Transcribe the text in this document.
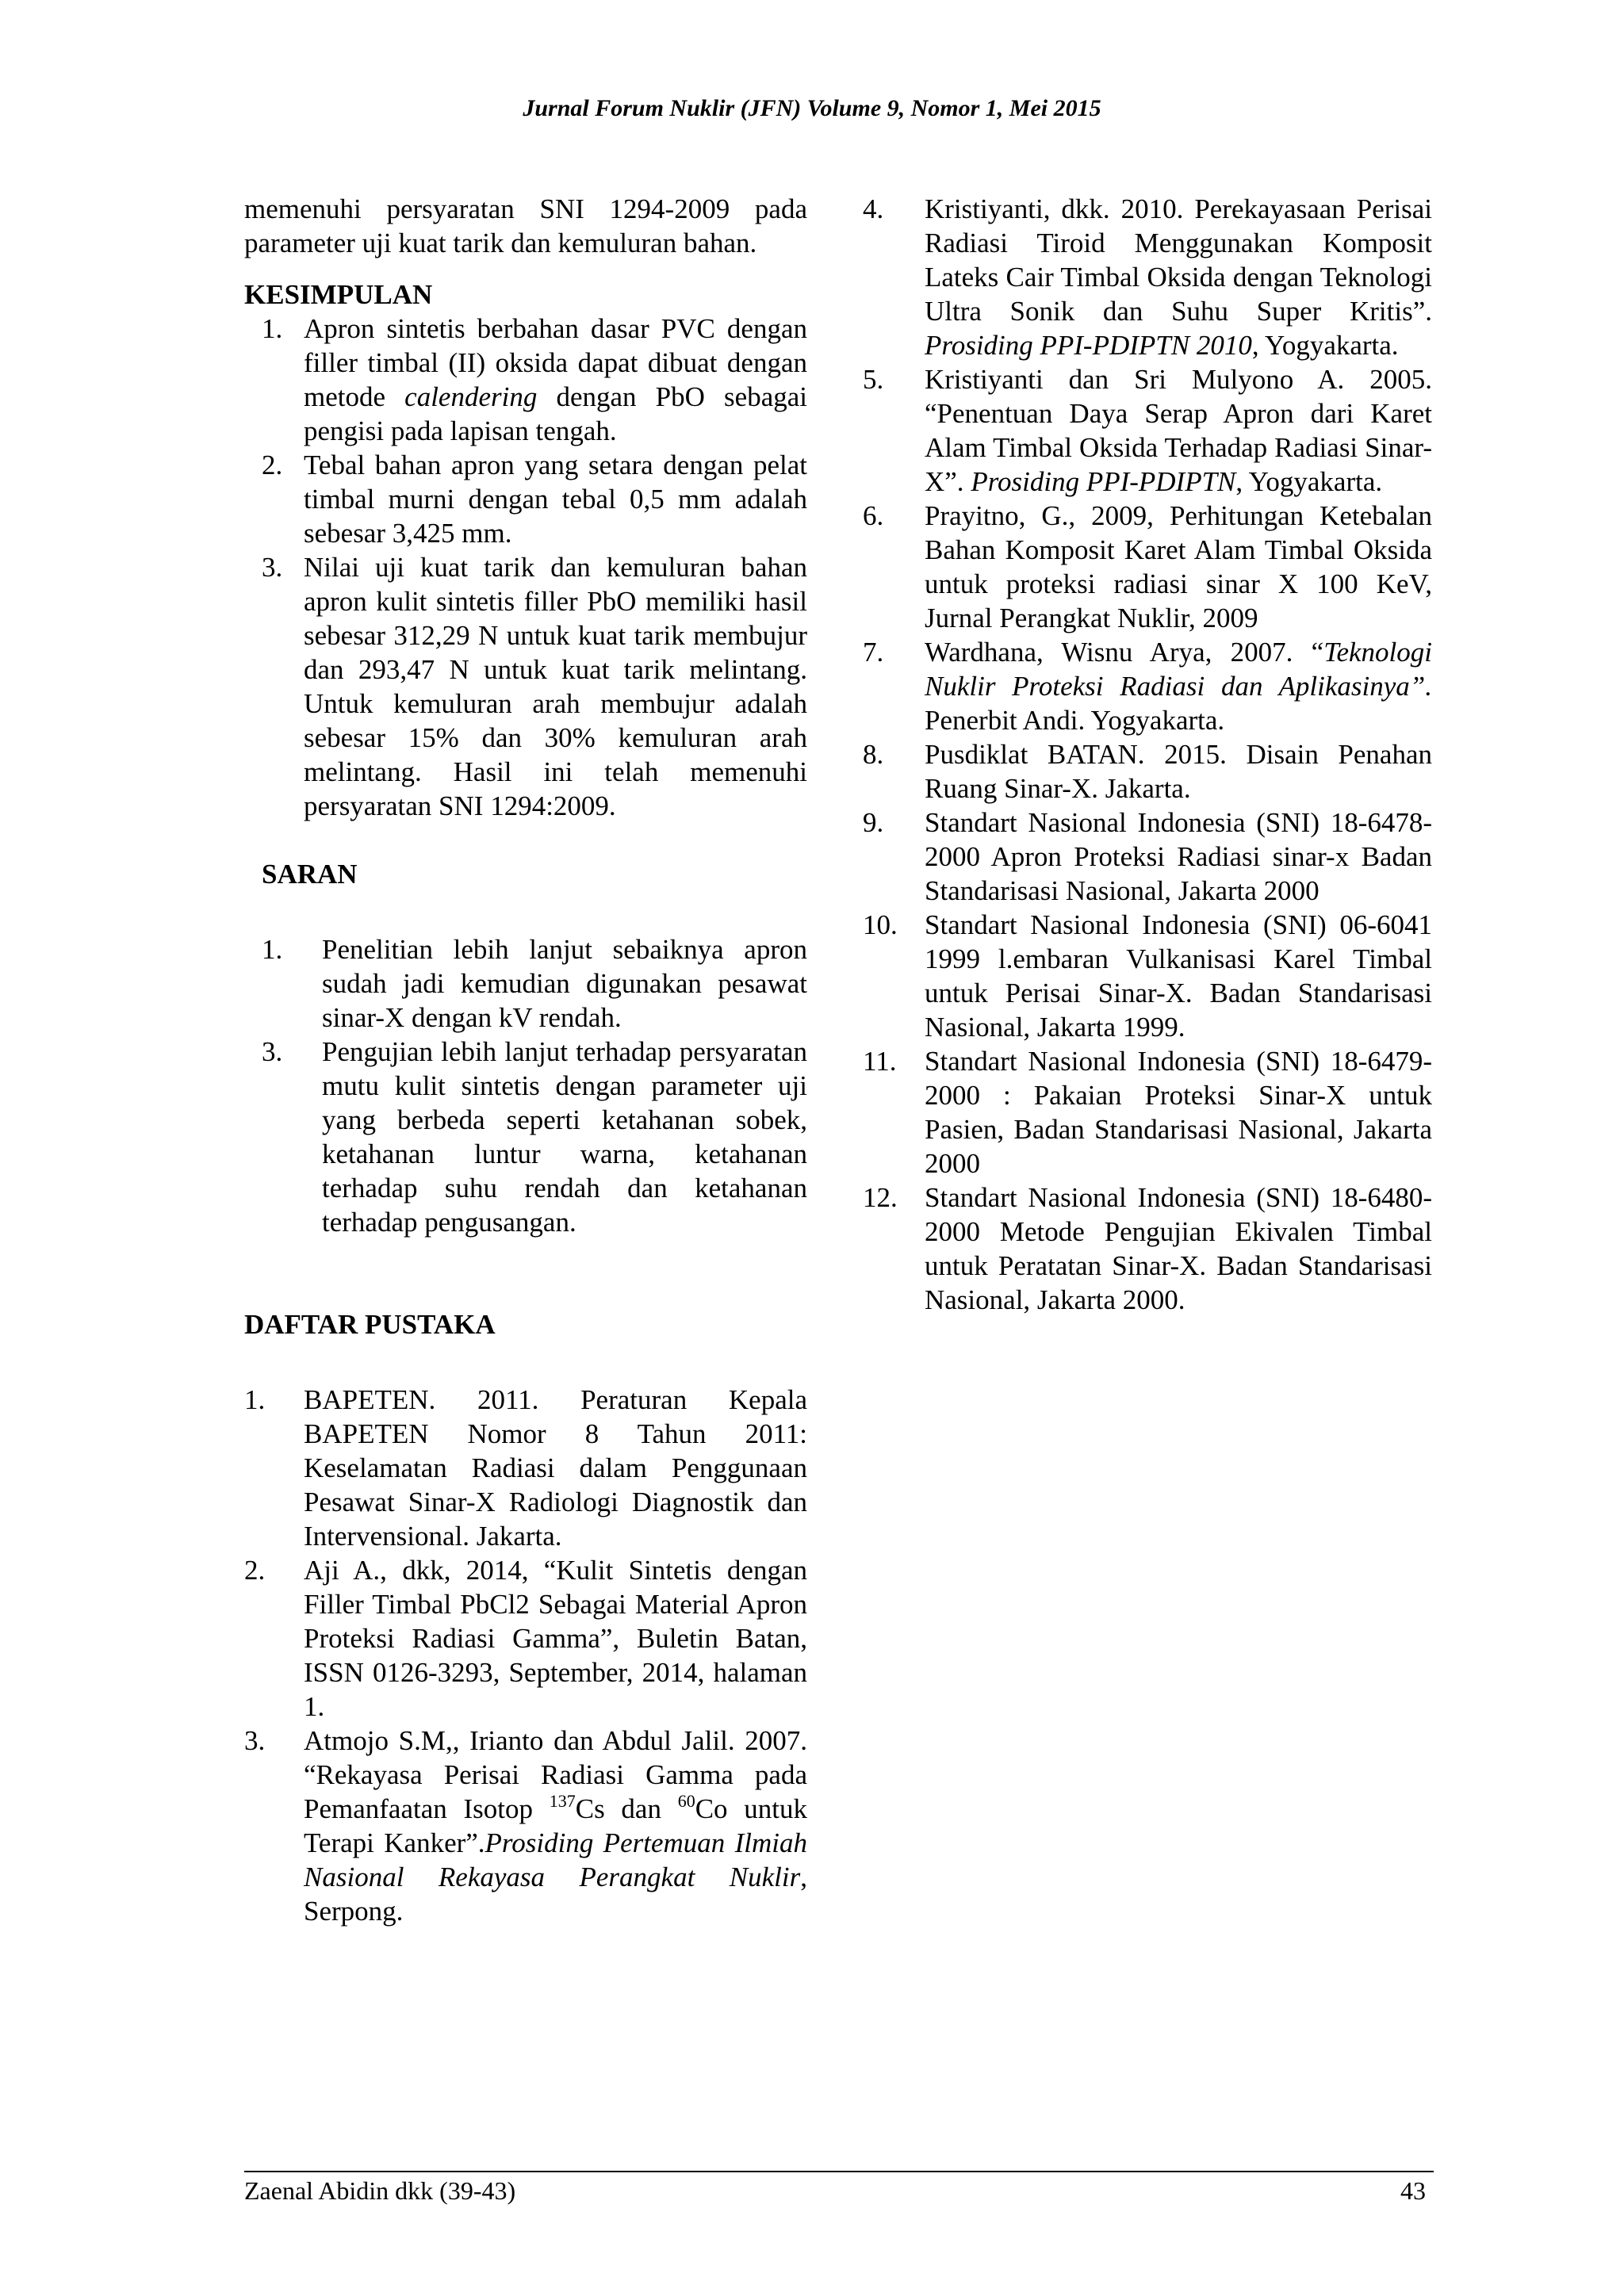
Jurnal Forum Nuklir (JFN) Volume 9, Nomor 1, Mei 2015

memenuhi persyaratan SNI 1294-2009 pada parameter uji kuat tarik dan kemuluran bahan.

KESIMPULAN
1. Apron sintetis berbahan dasar PVC dengan filler timbal (II) oksida dapat dibuat dengan metode calendering dengan PbO sebagai pengisi pada lapisan tengah.
2. Tebal bahan apron yang setara dengan pelat timbal murni dengan tebal 0,5 mm adalah sebesar 3,425 mm.
3. Nilai uji kuat tarik dan kemuluran bahan apron kulit sintetis filler PbO memiliki hasil sebesar 312,29 N untuk kuat tarik membujur dan 293,47 N untuk kuat tarik melintang. Untuk kemuluran arah membujur adalah sebesar 15% dan 30% kemuluran arah melintang. Hasil ini telah memenuhi persyaratan SNI 1294:2009.
SARAN
1. Penelitian lebih lanjut sebaiknya apron sudah jadi kemudian digunakan pesawat sinar-X dengan kV rendah.
3. Pengujian lebih lanjut terhadap persyaratan mutu kulit sintetis dengan parameter uji yang berbeda seperti ketahanan sobek, ketahanan luntur warna, ketahanan terhadap suhu rendah dan ketahanan terhadap pengusangan.
DAFTAR PUSTAKA
1. BAPETEN. 2011. Peraturan Kepala BAPETEN Nomor 8 Tahun 2011: Keselamatan Radiasi dalam Penggunaan Pesawat Sinar-X Radiologi Diagnostik dan Intervensional. Jakarta.
2. Aji A., dkk, 2014, “Kulit Sintetis dengan Filler Timbal PbCl2 Sebagai Material Apron Proteksi Radiasi Gamma”, Buletin Batan, ISSN 0126-3293, September, 2014, halaman 1.
3. Atmojo S.M,, Irianto dan Abdul Jalil. 2007. “Rekayasa Perisai Radiasi Gamma pada Pemanfaatan Isotop $^{137}$Cs dan $^{60}$Co untuk Terapi Kanker”.Prosiding Pertemuan Ilmiah Nasional Rekayasa Perangkat Nuklir, Serpong.
4. Kristiyanti, dkk. 2010. Perekayasaan Perisai Radiasi Tiroid Menggunakan Komposit Lateks Cair Timbal Oksida dengan Teknologi Ultra Sonik dan Suhu Super Kritis”. Prosiding PPI-PDIPTN 2010, Yogyakarta.
5. Kristiyanti dan Sri Mulyono A. 2005. “Penentuan Daya Serap Apron dari Karet Alam Timbal Oksida Terhadap Radiasi Sinar-X”. Prosiding PPI-PDIPTN, Yogyakarta.
6. Prayitno, G., 2009, Perhitungan Ketebalan Bahan Komposit Karet Alam Timbal Oksida untuk proteksi radiasi sinar X 100 KeV, Jurnal Perangkat Nuklir, 2009
7. Wardhana, Wisnu Arya, 2007. “Teknologi Nuklir Proteksi Radiasi dan Aplikasinya”. Penerbit Andi. Yogyakarta.
8. Pusdiklat BATAN. 2015. Disain Penahan Ruang Sinar-X. Jakarta.
9. Standart Nasional Indonesia (SNI) 18-6478-2000 Apron Proteksi Radiasi sinar-x Badan Standarisasi Nasional, Jakarta 2000
10. Standart Nasional Indonesia (SNI) 06-6041 1999 l.embaran Vulkanisasi Karel Timbal untuk Perisai Sinar-X. Badan Standarisasi Nasional, Jakarta 1999.
11. Standart Nasional Indonesia (SNI) 18-6479-2000 : Pakaian Proteksi Sinar-X untuk Pasien, Badan Standarisasi Nasional, Jakarta 2000
12. Standart Nasional Indonesia (SNI) 18-6480-2000 Metode Pengujian Ekivalen Timbal untuk Peratatan Sinar-X. Badan Standarisasi Nasional, Jakarta 2000.
Zaenal Abidin dkk (39-43)	43
